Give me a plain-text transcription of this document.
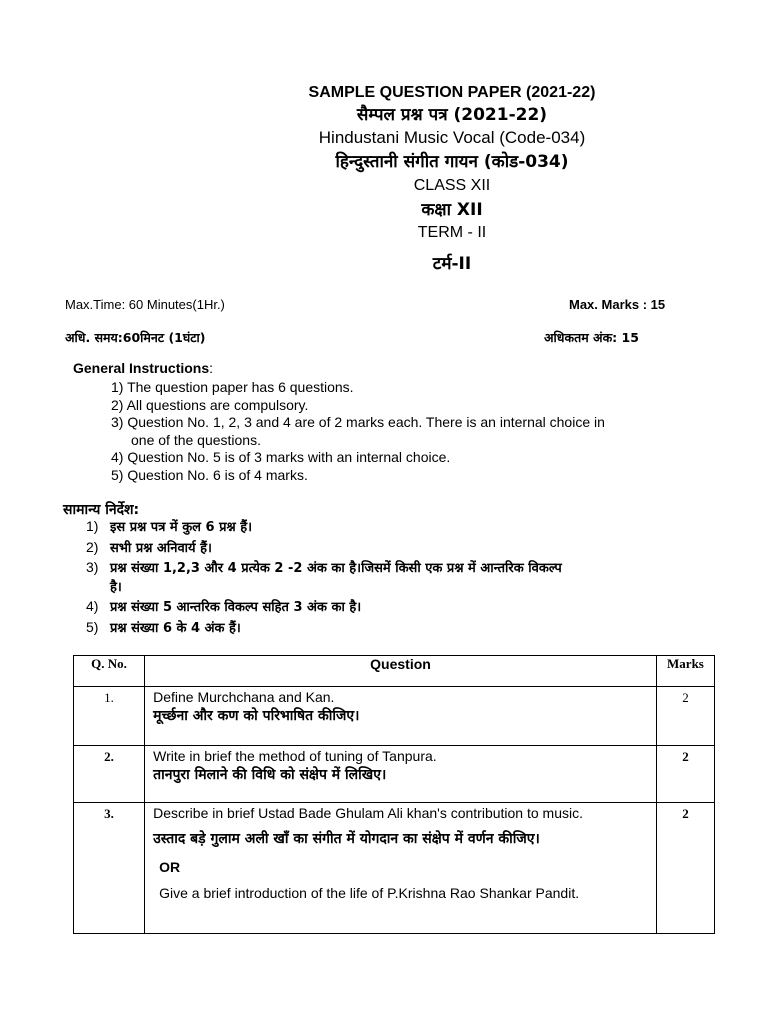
SAMPLE QUESTION PAPER (2021-22)
सैम्पल प्रश्न पत्र (2021-22)
Hindustani Music Vocal (Code-034)
हिन्दुस्तानी संगीत गायन (कोड-034)
CLASS XII
कक्षा XII
TERM - II
टर्म-II
Max.Time: 60 Minutes(1Hr.)	Max. Marks : 15
अधि. समय:60मिनट (1घंटा)	अधिकतम अंक: 15
General Instructions:
1) The question paper has 6 questions.
2) All questions are compulsory.
3) Question No. 1, 2, 3 and 4 are of 2 marks each. There is an internal choice in
one of the questions.
4) Question No. 5 is of 3 marks with an internal choice.
5) Question No. 6 is of 4 marks.
सामान्य निर्देश:
1) इस प्रश्न पत्र में कुल 6 प्रश्न हैं।
2) सभी प्रश्न अनिवार्य हैं।
3) प्रश्न संख्या 1,2,3 और 4 प्रत्येक 2 -2 अंक का है।जिसमें किसी एक प्रश्न में आन्तरिक विकल्प
है।
4) प्रश्न संख्या 5 आन्तरिक विकल्प सहित 3 अंक का है।
5) प्रश्न संख्या 6 के 4 अंक हैं।
Q. No.	Question	Marks
1.	Define Murchchana and Kan.
मूर्च्छना और कण को परिभाषित कीजिए।	2
2.	Write in brief the method of tuning of Tanpura.
तानपुरा मिलाने की विधि को संक्षेप में लिखिए।	2
3.	Describe in brief Ustad Bade Ghulam Ali khan's contribution to music.
उस्ताद बड़े गुलाम अली खाँ का संगीत में योगदान का संक्षेप में वर्णन कीजिए।
OR
Give a brief introduction of the life of P.Krishna Rao Shankar Pandit.	2
